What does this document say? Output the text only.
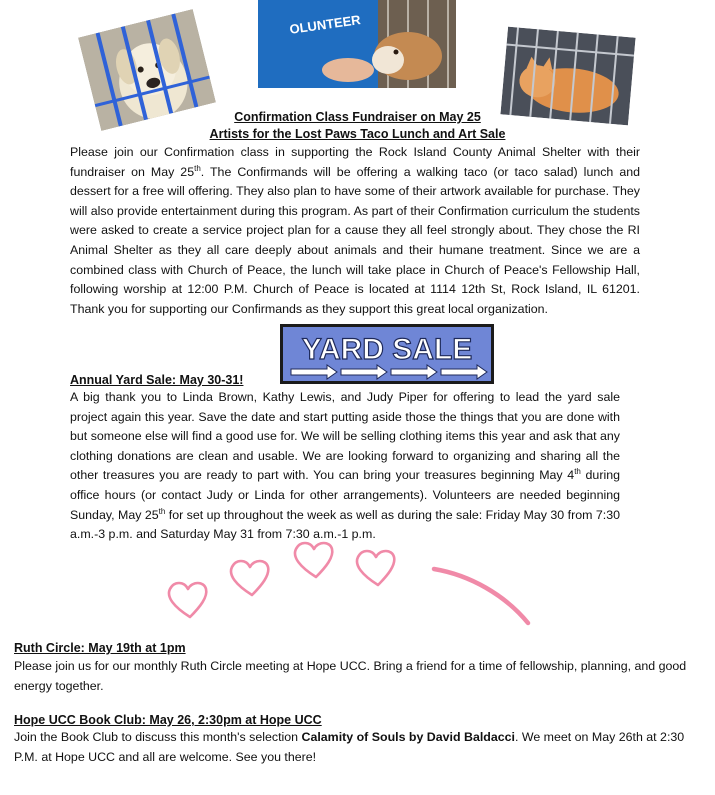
OLUNTEER
Confirmation Class Fundraiser on May 25
Artists for the Lost Paws Taco Lunch and Art Sale
Please join our Confirmation class in supporting the Rock Island County Animal Shelter with their fundraiser on May 25th. The Confirmands will be offering a walking taco (or taco salad) lunch and dessert for a free will offering. They also plan to have some of their artwork available for purchase. They will also provide entertainment during this program. As part of their Confirmation curriculum the students were asked to create a service project plan for a cause they all feel strongly about. They chose the RI Animal Shelter as they all care deeply about animals and their humane treatment. Since we are a combined class with Church of Peace, the lunch will take place in Church of Peace's Fellowship Hall, following worship at 12:00 P.M. Church of Peace is located at 1114 12th St, Rock Island, IL 61201. Thank you for supporting our Confirmands as they support this great local organization.
YARD SALE
Annual Yard Sale: May 30-31!
A big thank you to Linda Brown, Kathy Lewis, and Judy Piper for offering to lead the yard sale project again this year. Save the date and start putting aside those the things that you are done with but someone else will find a good use for. We will be selling clothing items this year and ask that any clothing donations are clean and usable. We are looking forward to organizing and sharing all the other treasures you are ready to part with. You can bring your treasures beginning May 4th during office hours (or contact Judy or Linda for other arrangements). Volunteers are needed beginning Sunday, May 25th for set up throughout the week as well as during the sale: Friday May 30 from 7:30 a.m.-3 p.m. and Saturday May 31 from 7:30 a.m.-1 p.m.
Ruth Circle: May 19th at 1pm
Please join us for our monthly Ruth Circle meeting at Hope UCC. Bring a friend for a time of fellowship, planning, and good energy together.
Hope UCC Book Club: May 26, 2:30pm at Hope UCC
Join the Book Club to discuss this month's selection Calamity of Souls by David Baldacci. We meet on May 26th at 2:30 P.M. at Hope UCC and all are welcome. See you there!
